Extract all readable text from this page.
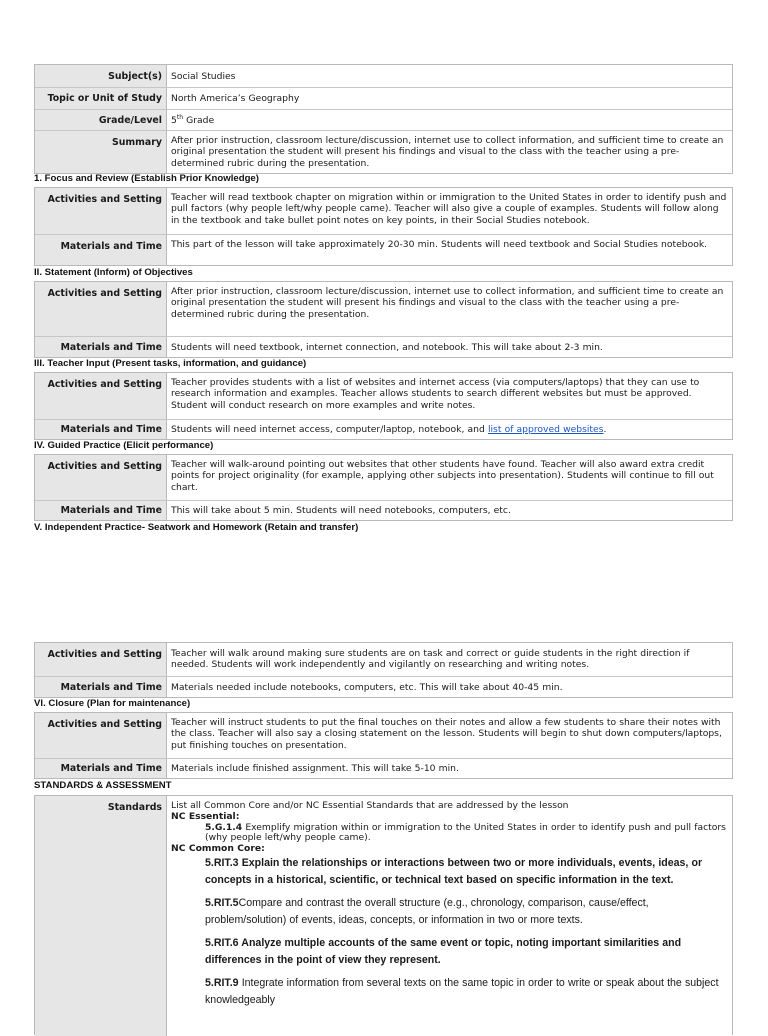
Subject(s) Social Studies
Topic or Unit of Study North America’s Geography
Grade/Level 5th Grade
Summary After prior instruction, classroom lecture/discussion, internet use to collect information, and sufficient time to create an original presentation the student will present his findings and visual to the class with the teacher using a pre-determined rubric during the presentation.
1. Focus and Review (Establish Prior Knowledge)
Activities and Setting Teacher will read textbook chapter on migration within or immigration to the United States in order to identify push and pull factors (why people left/why people came). Teacher will also give a couple of examples. Students will follow along in the textbook and take bullet point notes on key points, in their Social Studies notebook.
Materials and Time This part of the lesson will take approximately 20-30 min. Students will need textbook and Social Studies notebook.
II. Statement (Inform) of Objectives
Activities and Setting After prior instruction, classroom lecture/discussion, internet use to collect information, and sufficient time to create an original presentation the student will present his findings and visual to the class with the teacher using a pre-determined rubric during the presentation.
Materials and Time Students will need textbook, internet connection, and notebook. This will take about 2-3 min.
III. Teacher Input (Present tasks, information, and guidance)
Activities and Setting Teacher provides students with a list of websites and internet access (via computers/laptops) that they can use to research information and examples. Teacher allows students to search different websites but must be approved. Student will conduct research on more examples and write notes.
Materials and Time Students will need internet access, computer/laptop, notebook, and list of approved websites.
IV. Guided Practice (Elicit performance)
Activities and Setting Teacher will walk-around pointing out websites that other students have found. Teacher will also award extra credit points for project originality (for example, applying other subjects into presentation). Students will continue to fill out chart.
Materials and Time This will take about 5 min. Students will need notebooks, computers, etc.
V. Independent Practice- Seatwork and Homework (Retain and transfer)
Activities and Setting Teacher will walk around making sure students are on task and correct or guide students in the right direction if needed. Students will work independently and vigilantly on researching and writing notes.
Materials and Time Materials needed include notebooks, computers, etc. This will take about 40-45 min.
VI. Closure (Plan for maintenance)
Activities and Setting Teacher will instruct students to put the final touches on their notes and allow a few students to share their notes with the class. Teacher will also say a closing statement on the lesson. Students will begin to shut down computers/laptops, put finishing touches on presentation.
Materials and Time Materials include finished assignment. This will take 5-10 min.
STANDARDS & ASSESSMENT
Standards List all Common Core and/or NC Essential Standards that are addressed by the lesson
NC Essential:
5.G.1.4 Exemplify migration within or immigration to the United States in order to identify push and pull factors (why people left/why people came).
NC Common Core:

5.RIT.3 Explain the relationships or interactions between two or more individuals, events, ideas, or concepts in a historical, scientific, or technical text based on specific information in the text.

5.RIT.5Compare and contrast the overall structure (e.g., chronology, comparison, cause/effect, problem/solution) of events, ideas, concepts, or information in two or more texts.

5.RIT.6 Analyze multiple accounts of the same event or topic, noting important similarities and differences in the point of view they represent.

5.RIT.9 Integrate information from several texts on the same topic in order to write or speak about the subject knowledgeably
